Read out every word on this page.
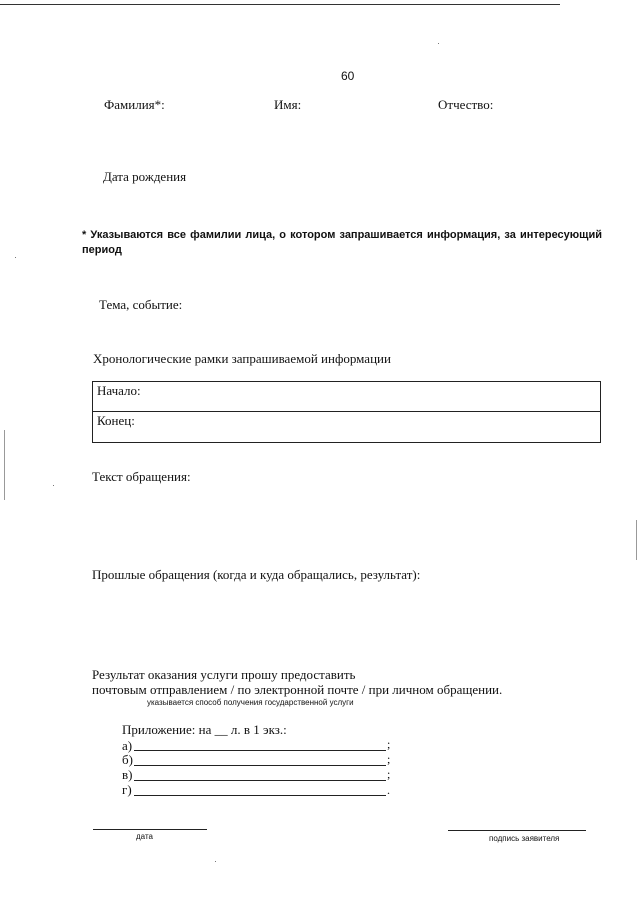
60
Фамилия*:	Имя:	Отчество:
Дата рождения
* Указываются все фамилии лица, о котором запрашивается информация, за интересующий период
Тема, событие:
Хронологические рамки запрашиваемой информации
Начало:
Конец:
Текст обращения:
Прошлые обращения (когда и куда обращались, результат):
Результат оказания услуги прошу предоставить
почтовым отправлением / по электронной почте / при личном обращении.
указывается способ получения государственной услуги
Приложение: на __ л. в 1 экз.:
а)	;
б)	;
в)	;
г)	.
дата	подпись заявителя
